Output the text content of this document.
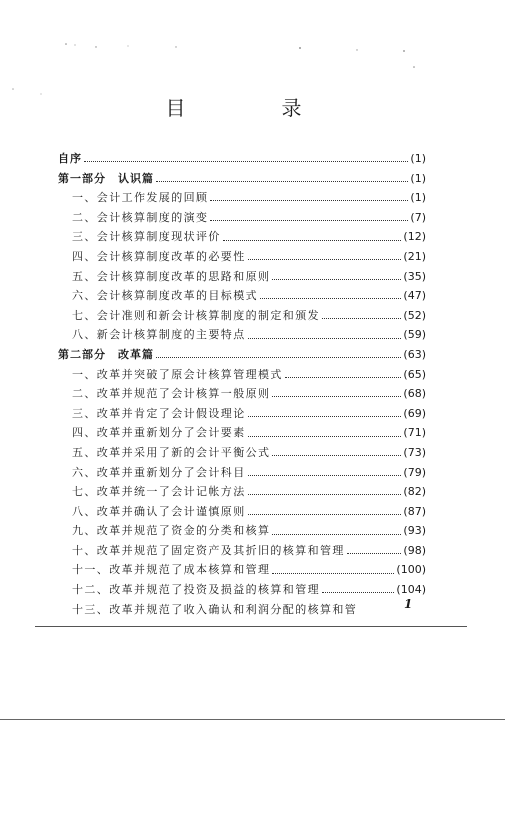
目　录
自序	(1)
第一部分　认识篇	(1)
一、会计工作发展的回顾	(1)
二、会计核算制度的演变	(7)
三、会计核算制度现状评价	(12)
四、会计核算制度改革的必要性	(21)
五、会计核算制度改革的思路和原则	(35)
六、会计核算制度改革的目标模式	(47)
七、会计准则和新会计核算制度的制定和颁发	(52)
八、新会计核算制度的主要特点	(59)
第二部分　改革篇	(63)
一、改革并突破了原会计核算管理模式	(65)
二、改革并规范了会计核算一般原则	(68)
三、改革并肯定了会计假设理论	(69)
四、改革并重新划分了会计要素	(71)
五、改革并采用了新的会计平衡公式	(73)
六、改革并重新划分了会计科目	(79)
七、改革并统一了会计记帐方法	(82)
八、改革并确认了会计谨慎原则	(87)
九、改革并规范了资金的分类和核算	(93)
十、改革并规范了固定资产及其折旧的核算和管理	(98)
十一、改革并规范了成本核算和管理	(100)
十二、改革并规范了投资及损益的核算和管理	(104)
十三、改革并规范了收入确认和利润分配的核算和管	1
